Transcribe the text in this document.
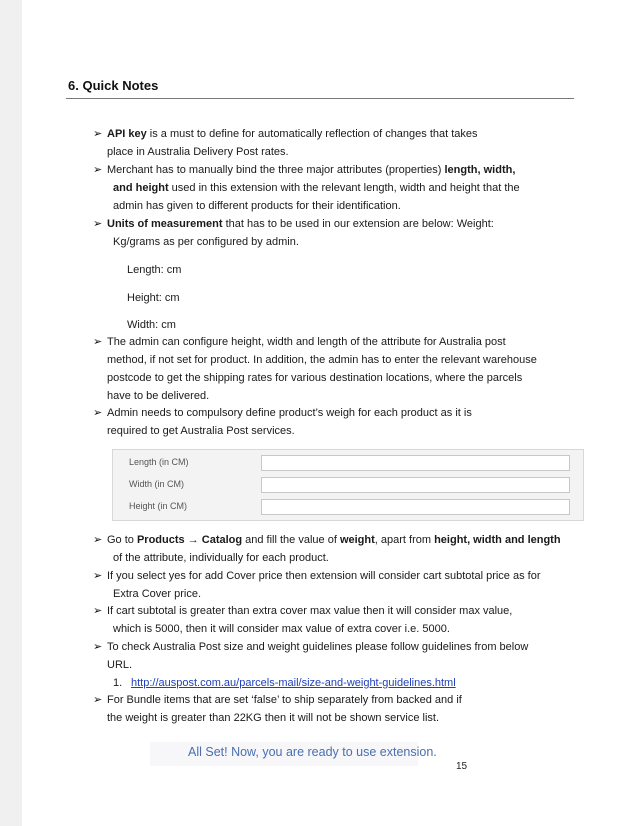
6. Quick Notes
➢ API key is a must to define for automatically reflection of changes that takes
place in Australia Delivery Post rates.
➢ Merchant has to manually bind the three major attributes (properties) length, width,
and height used in this extension with the relevant length, width and height that the
admin has given to different products for their identification.
➢ Units of measurement that has to be used in our extension are below: Weight:
Kg/grams as per configured by admin.
Length: cm
Height: cm
Width: cm
➢ The admin can configure height, width and length of the attribute for Australia post
method, if not set for product. In addition, the admin has to enter the relevant warehouse
postcode to get the shipping rates for various destination locations, where the parcels
have to be delivered.
➢ Admin needs to compulsory define product’s weigh for each product as it is
required to get Australia Post services.
Length (in CM)
Width (in CM)
Height (in CM)
➢ Go to Products → Catalog and fill the value of weight, apart from height, width and length
of the attribute, individually for each product.
➢ If you select yes for add Cover price then extension will consider cart subtotal price as for
Extra Cover price.
➢ If cart subtotal is greater than extra cover max value then it will consider max value,
which is 5000, then it will consider max value of extra cover i.e. 5000.
➢ To check Australia Post size and weight guidelines please follow guidelines from below
URL.
1. http://auspost.com.au/parcels-mail/size-and-weight-guidelines.html
➢ For Bundle items that are set ‘false’ to ship separately from backed and if
the weight is greater than 22KG then it will not be shown service list.
All Set! Now, you are ready to use extension.
15
